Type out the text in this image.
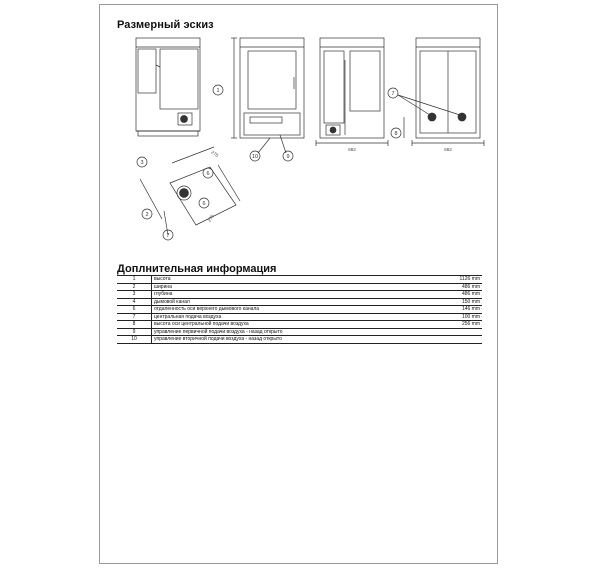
Размерный эскиз
1
10	9
7
8
3
2
6
6
7
682	682
270
270
Доплнительная информация
1	высота	1126 mm
2	ширина	486 mm
3	глубина	486 mm
4	дымовой канал	150 mm
6	отдаленность оси верхнего дымового канала	146 mm
7	центральная подача воздуха	100 mm
8	высота оси центральной подачи воздуха	256 mm
9	управление первичной подачи воздуха - назад открыто	
10	управление вторичной подачи воздуха - назад открыто	
